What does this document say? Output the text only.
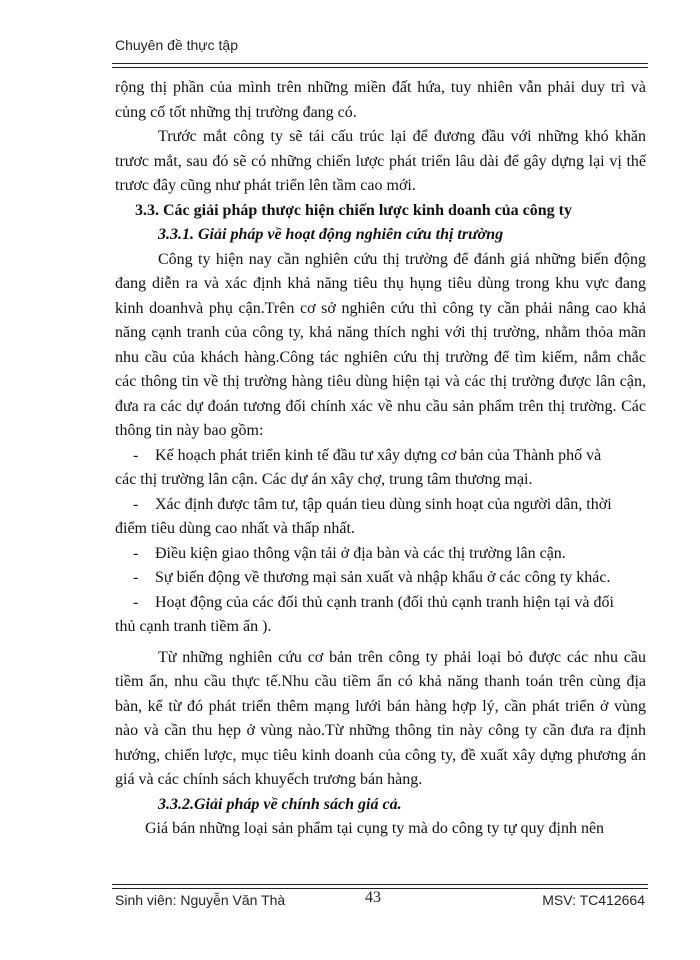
Chuyên đề thực tập

rộng thị phần của mình trên những miền đất hứa, tuy nhiên vẫn phải duy trì và củng cố tốt những thị trường đang có.

Trước mắt công ty sẽ tái cấu trúc lại để đương đầu với những khó khăn trươc mắt, sau đó sẽ có những chiến lược phát triển lâu dài để gây dựng lại vị thế trươc đây cũng như phát triển lên tầm cao mới.

3.3. Các giải pháp thược hiện chiến lược kinh doanh của công ty

3.3.1. Giải pháp về hoạt động nghiên cứu thị trường

Công ty hiện nay cần nghiên cứu thị trường để đánh giá những biến động đang diễn ra và xác định khả năng tiêu thụ hụng tiêu dùng trong khu vực đang kinh doanhvà phụ cận.Trên cơ sở nghiên cứu thì công ty cần phải nâng cao khả năng cạnh tranh của công ty, khả năng thích nghi với thị trường, nhằm thỏa mãn nhu cầu của khách hàng.Công tác nghiên cứu thị trường để tìm kiếm, nắm chắc các thông tin về thị trường hàng tiêu dùng hiện tại và các thị trường được lân cận, đưa ra các dự đoán tương đối chính xác về nhu cầu sản phẩm trên thị trường. Các thông tin này bao gồm:

-	Kế hoạch phát triển kinh tế đầu tư xây dựng cơ bản của Thành phố và

các thị trường lân cận. Các dự án xây chợ, trung tâm thương mại.

-	Xác định được tâm tư, tập quán tieu dùng sinh hoạt của người dân, thời

điểm tiêu dùng cao nhất và thấp nhất.

-	Điều kiện giao thông vận tải ở địa bàn và các thị trường lân cận.
-	Sự biến động về thương mại sản xuất và nhập khẩu ở các công ty khác.
-	Hoạt động của các đối thủ cạnh tranh (đối thủ cạnh tranh hiện tại và đối

thủ cạnh tranh tiềm ẩn ).

Từ những nghiên cứu cơ bản trên công ty phải loại bỏ được các nhu cầu tiềm ẩn, nhu cầu thực tế.Nhu cầu tiềm ẩn có khả năng thanh toán trên cùng địa bàn, kể từ đó phát triển thêm mạng lưới bán hàng hợp lý, cần phát triển ở vùng nào và cần thu hẹp ở vùng nào.Từ những thông tin này công ty cần đưa ra định hướng, chiến lược, mục tiêu kinh doanh của công ty, đề xuất xây dựng phương án giá và các chính sách khuyếch trương bán hàng.

3.3.2.Giải pháp về chính sách giá cả.

Giá bán những loại sản phẩm tại cụng ty mà do công ty tự quy định nên

Sinh viên: Nguyễn Văn Thà	43	MSV: TC412664
